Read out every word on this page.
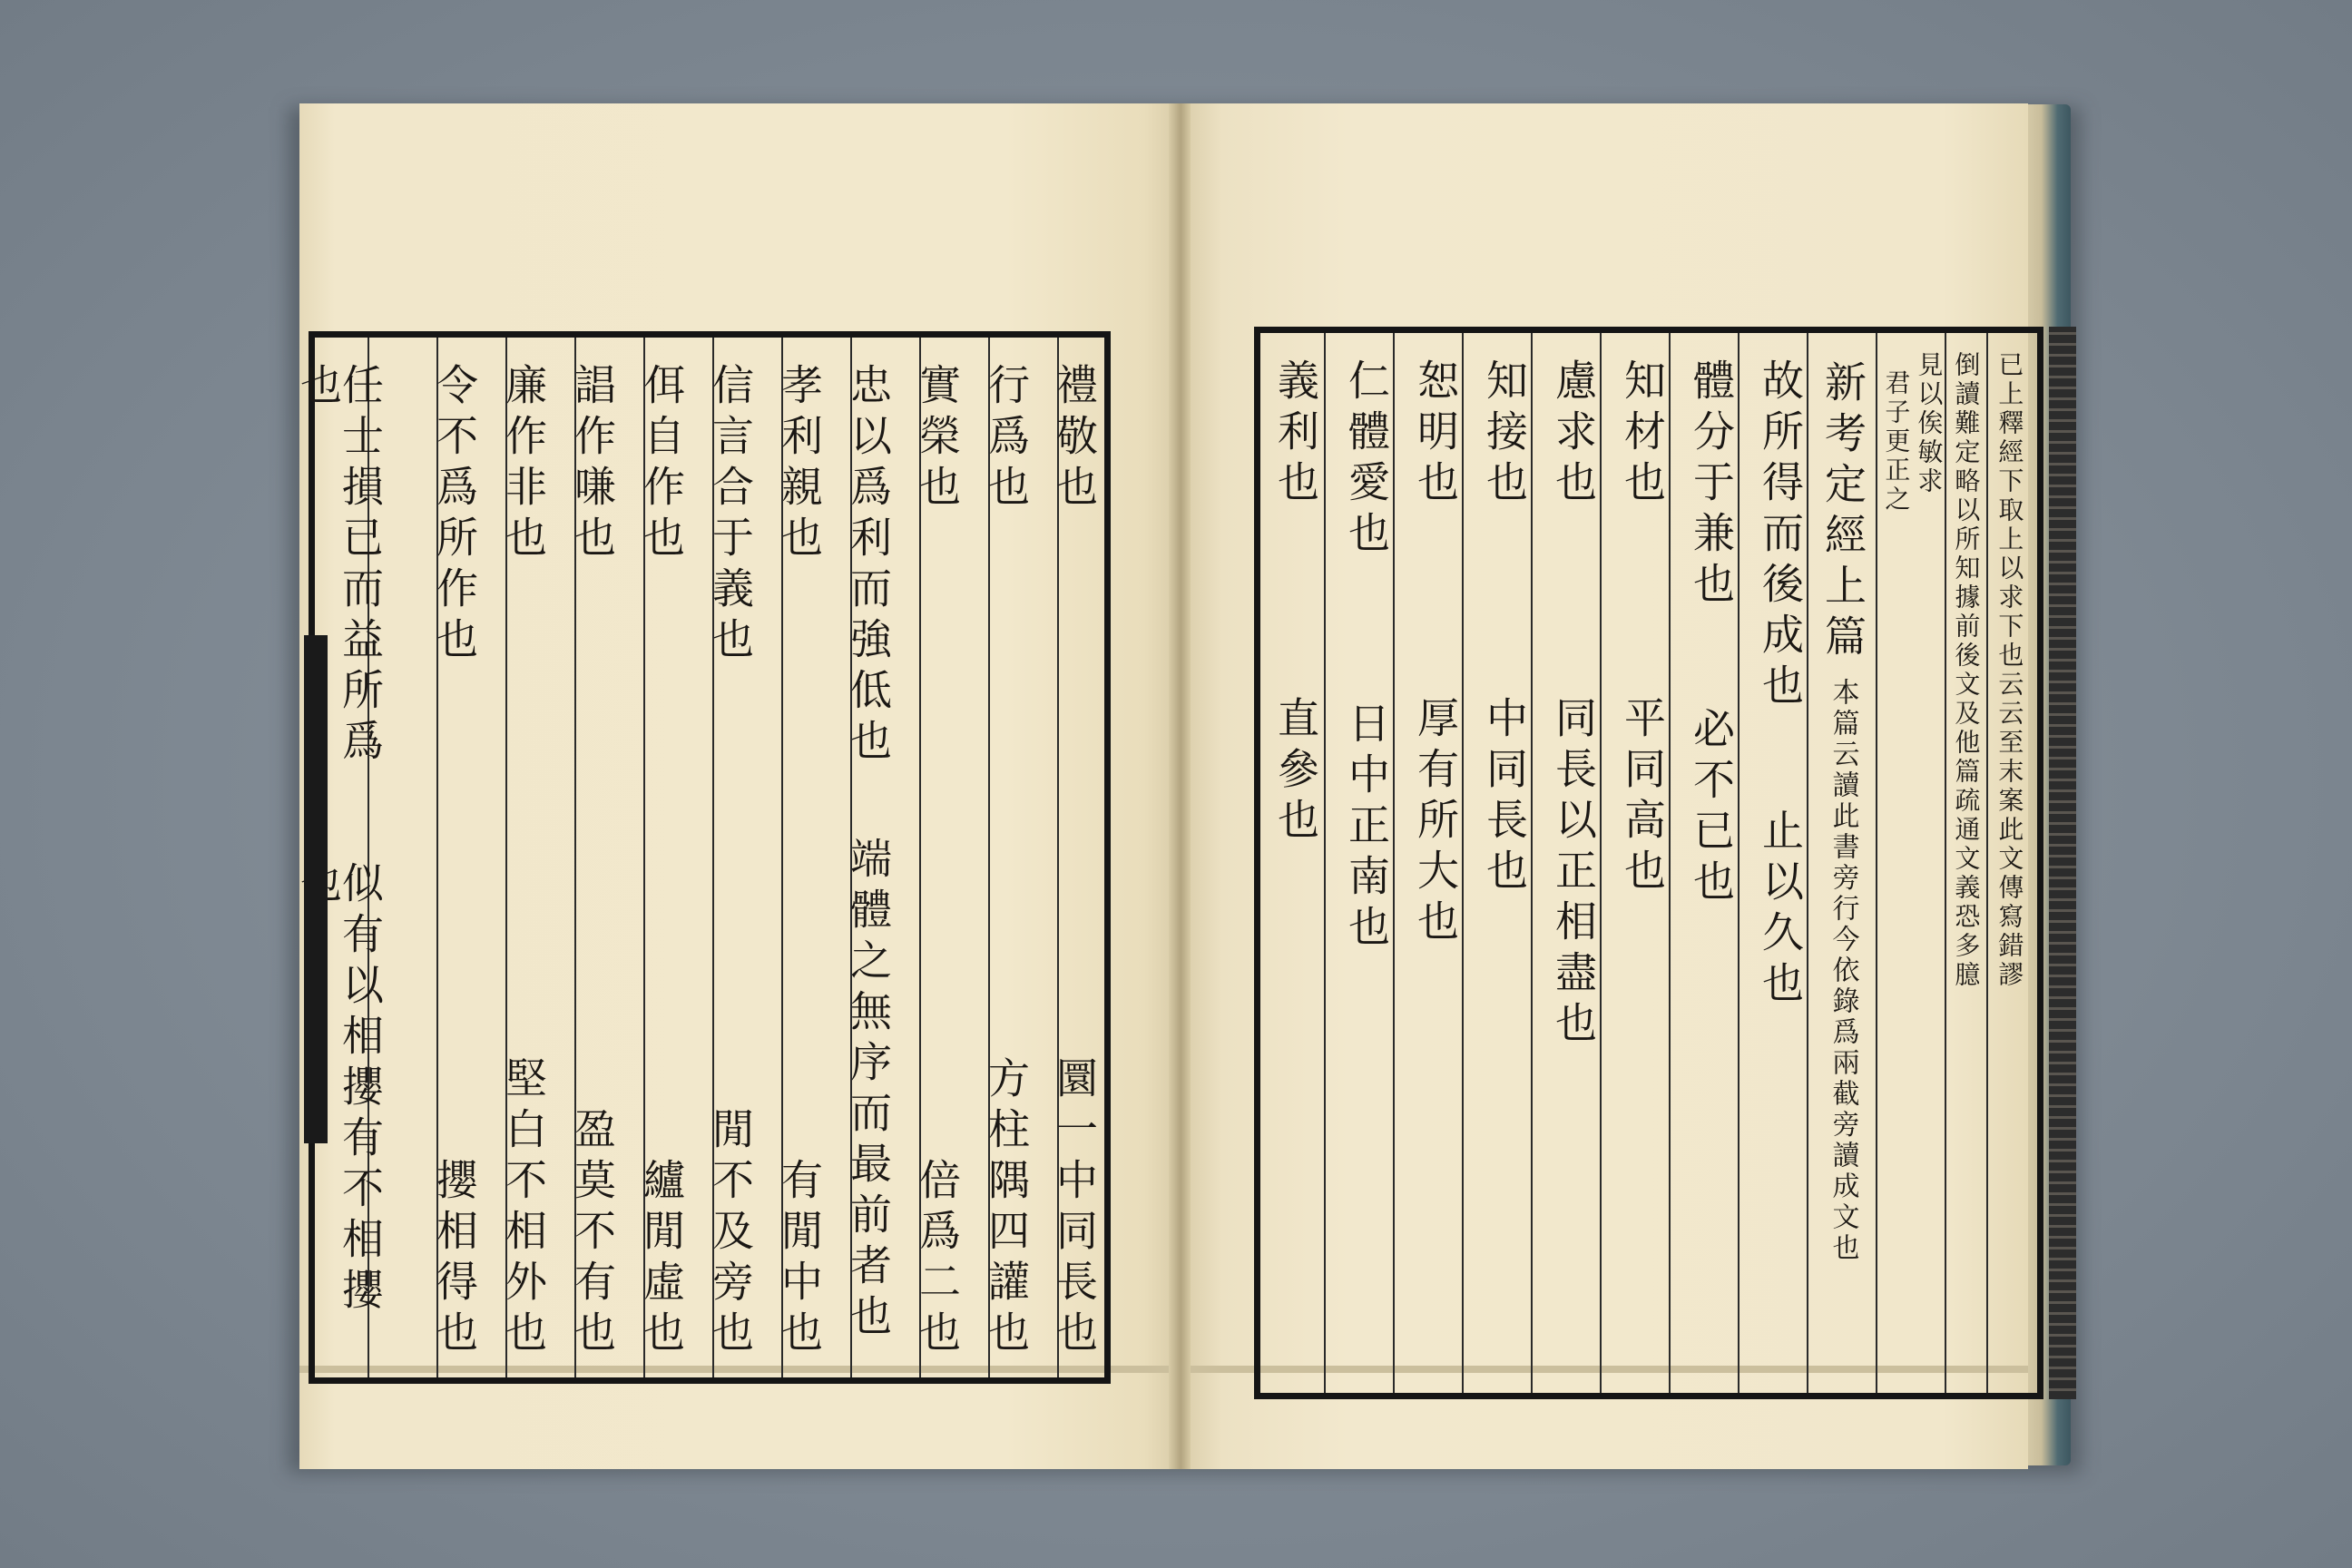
禮敬也
圜一中同長也
行爲也
方柱隅四讙也
實榮也
倍爲二也
忠以爲利而強低也
端體之無序而最前者也
孝利親也
有閒中也
信言合于義也
閒不及旁也
佴自作也
纑閒虛也
誯作嗛也
盈莫不有也
廉作非也
堅白不相外也
令不爲所作也
攖相得也
任士損已而益所爲也
似有以相攖有不相攖
已上釋經下取上以求下也云云至末案此文傳寫錯謬
倒讀難定略以所知據前後文及他篇疏通文義恐多臆
見以俟敏求
君子更正之
新考定經上篇
本篇云讀此書旁行今依錄爲兩截旁讀成文也
故所得而後成也
止以久也
體分于兼也
必不已也
知材也
平同高也
慮求也
同長以正相盡也
知接也
中同長也
恕明也
厚有所大也
仁體愛也
日中正南也
義利也
直參也
